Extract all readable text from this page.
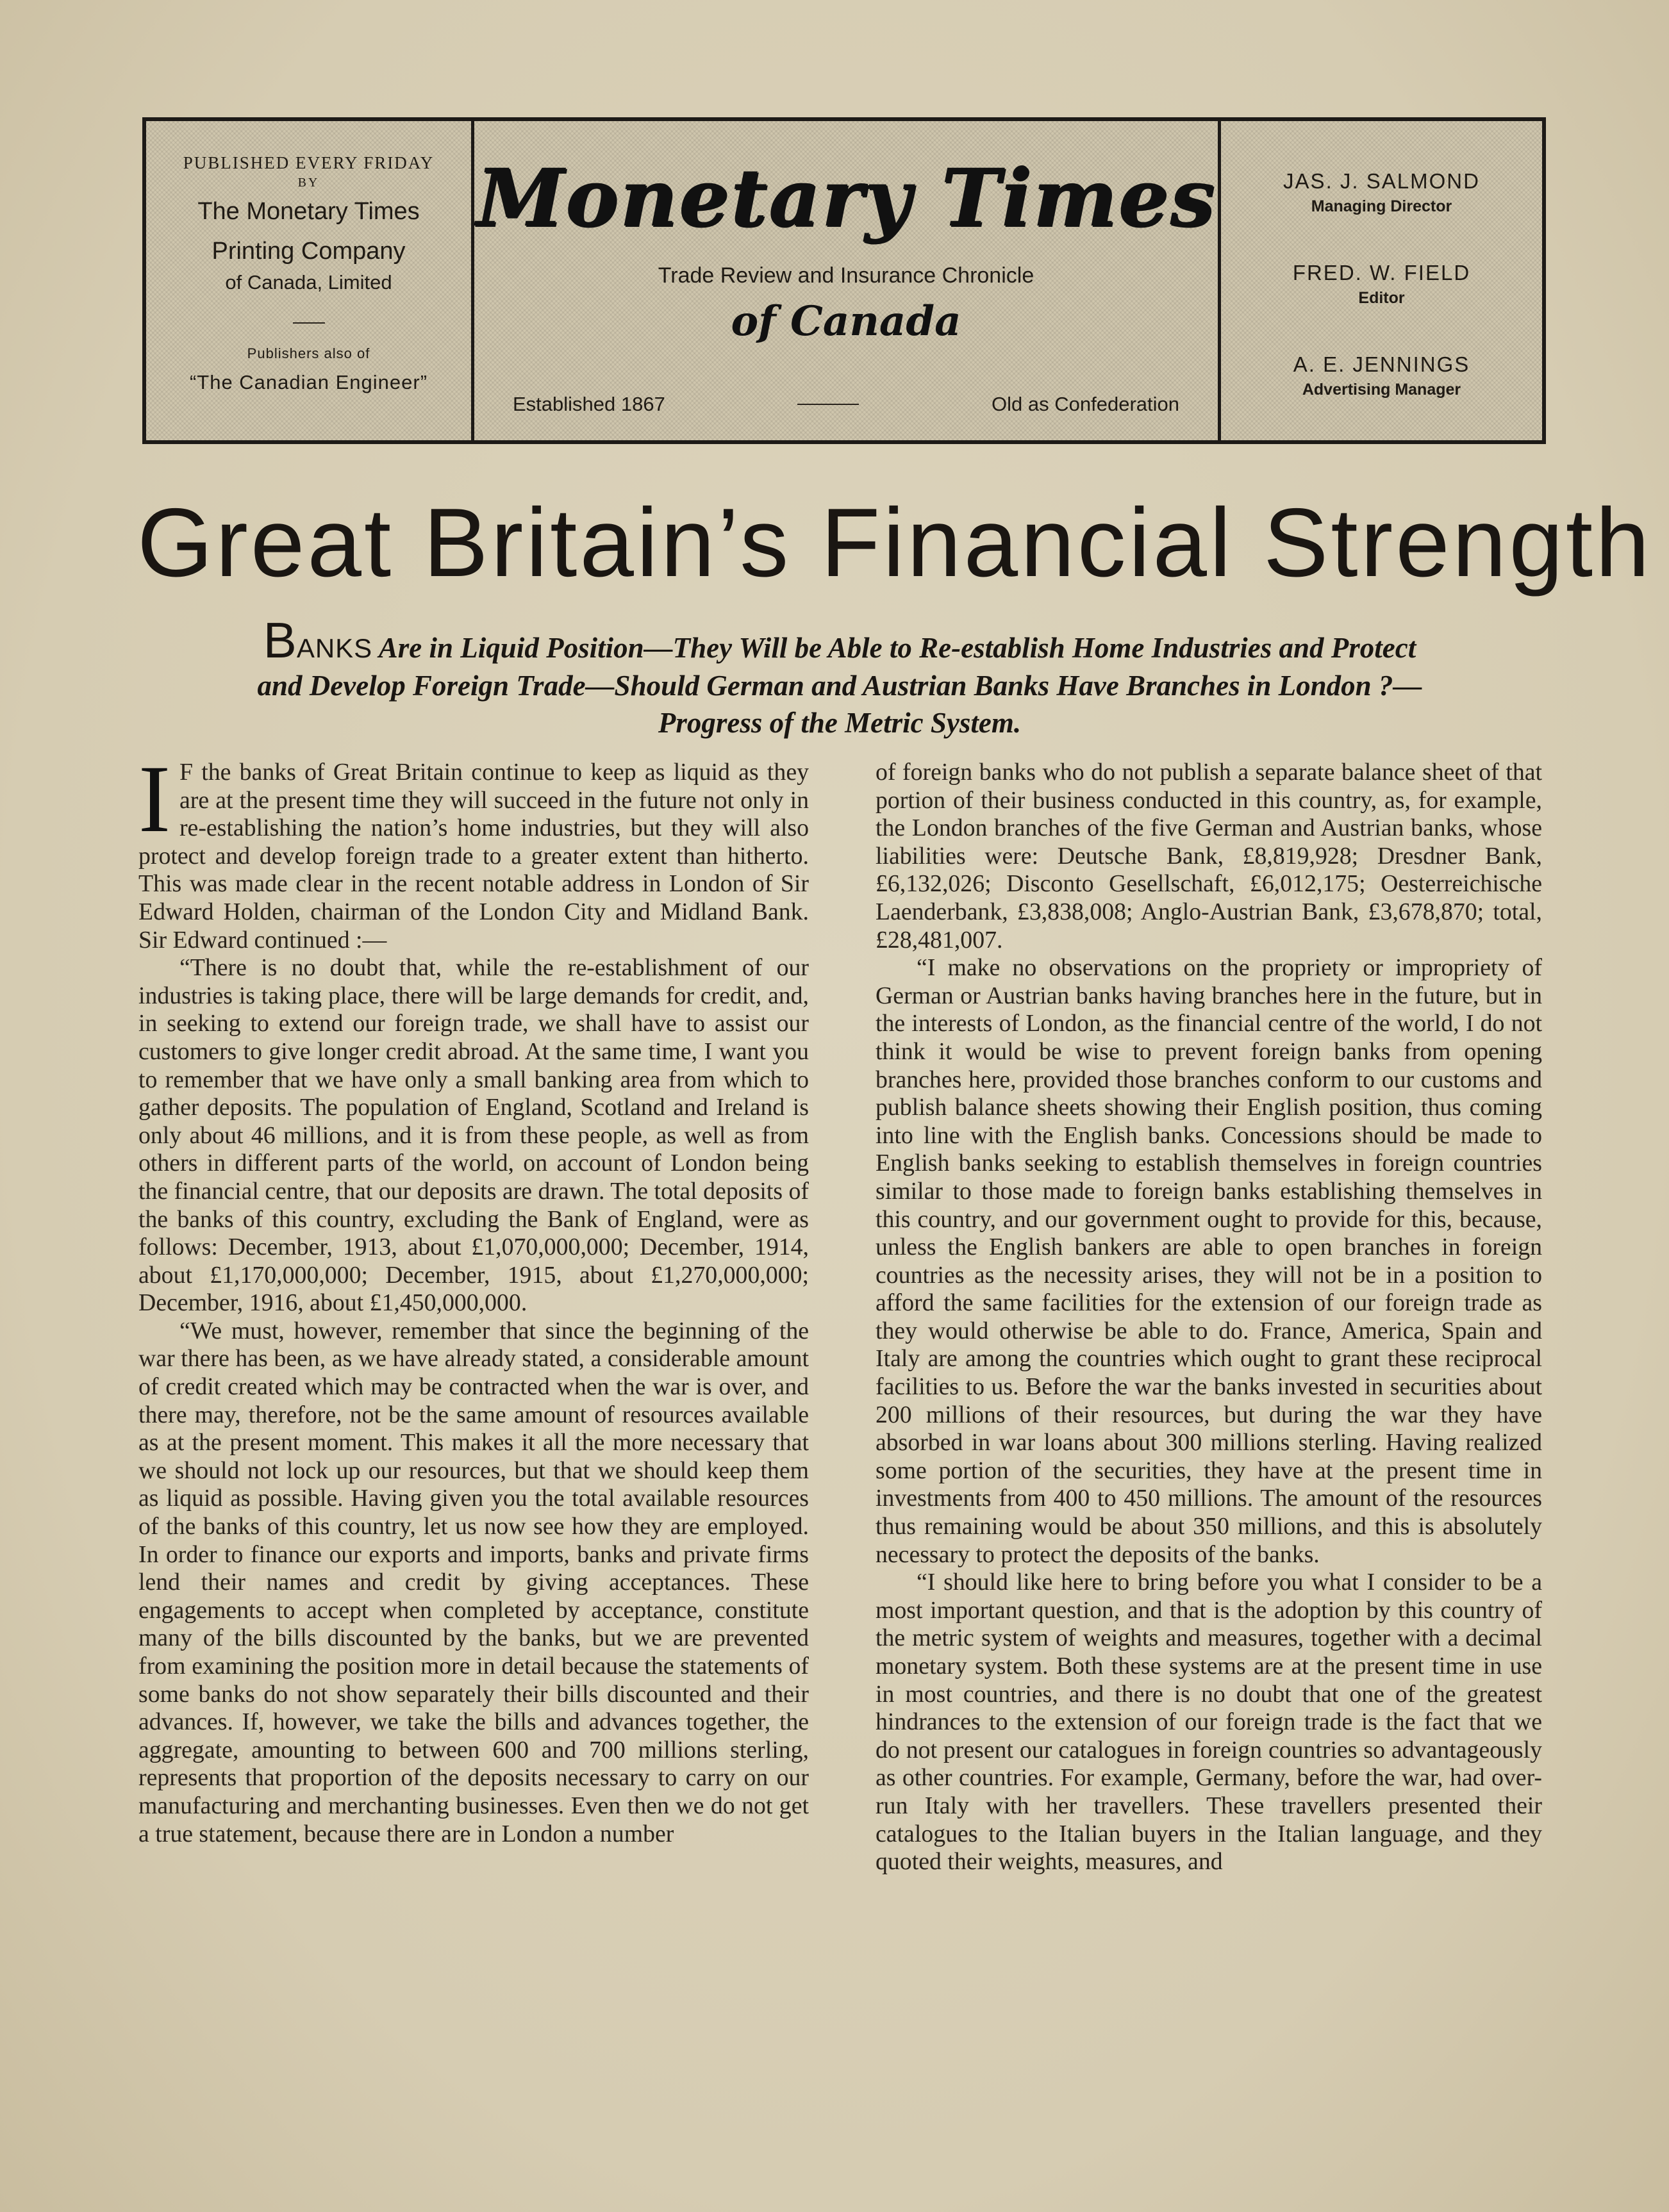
PUBLISHED EVERY FRIDAY
BY
The Monetary Times
Printing Company
of Canada, Limited
Publishers also of
“The Canadian Engineer”
Monetary Times
Trade Review and Insurance Chronicle
of Canada
Established 1867	Old as Confederation
JAS. J. SALMOND
Managing Director
FRED. W. FIELD
Editor
A. E. JENNINGS
Advertising Manager
Great Britain’s Financial Strength
BANKS Are in Liquid Position—They Will be Able to Re-establish Home Industries and Protect and Develop Foreign Trade—Should German and Austrian Banks Have Branches in London ?—Progress of the Metric System.
I F the banks of Great Britain continue to keep as liquid as they are at the present time they will succeed in the future not only in re-establishing the nation’s home industries, but they will also protect and develop foreign trade to a greater extent than hitherto. This was made clear in the recent notable address in London of Sir Edward Holden, chairman of the London City and Midland Bank. Sir Edward continued :—

“There is no doubt that, while the re-establishment of our industries is taking place, there will be large demands for credit, and, in seeking to extend our foreign trade, we shall have to assist our customers to give longer credit abroad. At the same time, I want you to remember that we have only a small banking area from which to gather deposits. The population of England, Scotland and Ireland is only about 46 millions, and it is from these people, as well as from others in different parts of the world, on account of London being the financial centre, that our deposits are drawn. The total deposits of the banks of this country, excluding the Bank of England, were as follows: December, 1913, about £1,070,000,000; December, 1914, about £1,170,000,000; December, 1915, about £1,270,000,000; December, 1916, about £1,450,000,000.

“We must, however, remember that since the beginning of the war there has been, as we have already stated, a considerable amount of credit created which may be contracted when the war is over, and there may, therefore, not be the same amount of resources available as at the present moment. This makes it all the more necessary that we should not lock up our resources, but that we should keep them as liquid as possible. Having given you the total available resources of the banks of this country, let us now see how they are employed. In order to finance our exports and imports, banks and private firms lend their names and credit by giving acceptances. These engagements to accept when completed by acceptance, constitute many of the bills discounted by the banks, but we are prevented from examining the position more in detail because the statements of some banks do not show separately their bills discounted and their advances. If, however, we take the bills and advances together, the aggregate, amounting to between 600 and 700 millions sterling, represents that proportion of the deposits necessary to carry on our manufacturing and merchanting businesses. Even then we do not get a true statement, because there are in London a number

of foreign banks who do not publish a separate balance sheet of that portion of their business conducted in this country, as, for example, the London branches of the five German and Austrian banks, whose liabilities were: Deutsche Bank, £8,819,928; Dresdner Bank, £6,132,026; Disconto Gesellschaft, £6,012,175; Oesterreichische Laenderbank, £3,838,008; Anglo-Austrian Bank, £3,678,870; total, £28,481,007.

“I make no observations on the propriety or impropriety of German or Austrian banks having branches here in the future, but in the interests of London, as the financial centre of the world, I do not think it would be wise to prevent foreign banks from opening branches here, provided those branches conform to our customs and publish balance sheets showing their English position, thus coming into line with the English banks. Concessions should be made to English banks seeking to establish themselves in foreign countries similar to those made to foreign banks establishing themselves in this country, and our government ought to provide for this, because, unless the English bankers are able to open branches in foreign countries as the necessity arises, they will not be in a position to afford the same facilities for the extension of our foreign trade as they would otherwise be able to do. France, America, Spain and Italy are among the countries which ought to grant these reciprocal facilities to us. Before the war the banks invested in securities about 200 millions of their resources, but during the war they have absorbed in war loans about 300 millions sterling. Having realized some portion of the securities, they have at the present time in investments from 400 to 450 millions. The amount of the resources thus remaining would be about 350 millions, and this is absolutely necessary to protect the deposits of the banks.

“I should like here to bring before you what I consider to be a most important question, and that is the adoption by this country of the metric system of weights and measures, together with a decimal monetary system. Both these systems are at the present time in use in most countries, and there is no doubt that one of the greatest hindrances to the extension of our foreign trade is the fact that we do not present our catalogues in foreign countries so advantageously as other countries. For example, Germany, before the war, had over-run Italy with her travellers. These travellers presented their catalogues to the Italian buyers in the Italian language, and they quoted their weights, measures, and
